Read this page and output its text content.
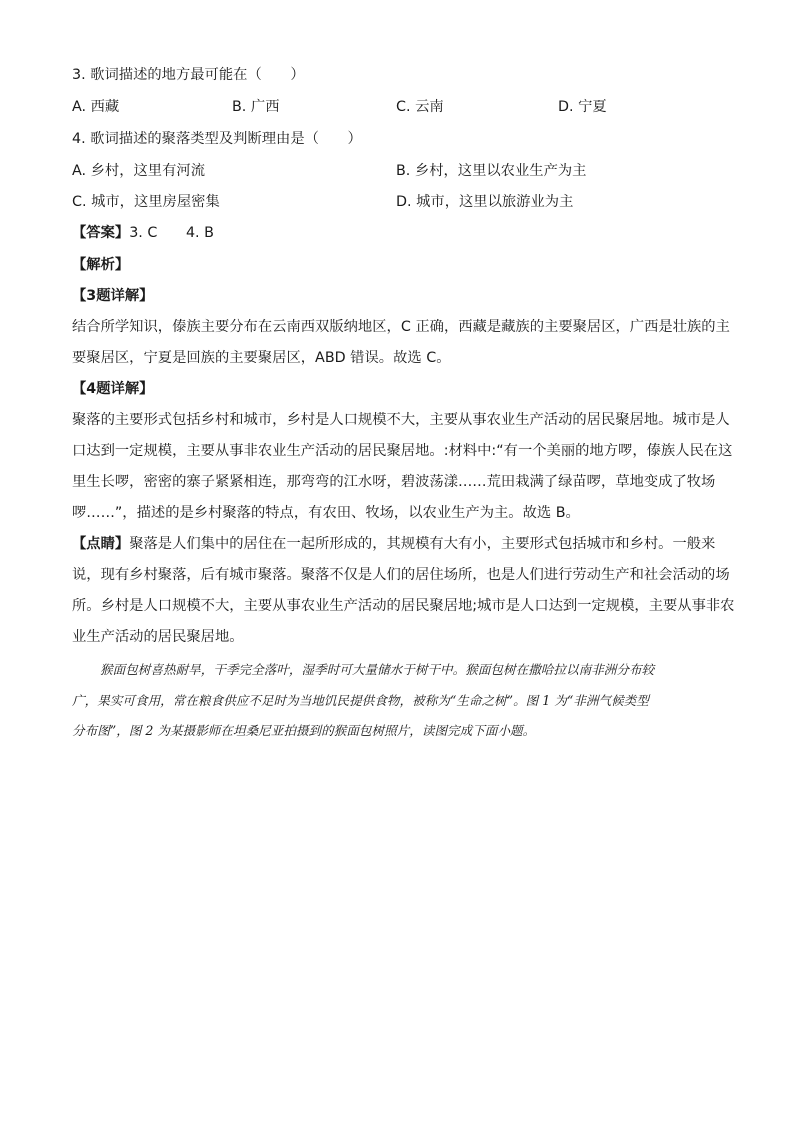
3. 歌词描述的地方最可能在（　　）
A. 西藏	B. 广西	C. 云南	D. 宁夏
4. 歌词描述的聚落类型及判断理由是（　　）
A. 乡村，这里有河流	B. 乡村，这里以农业生产为主
C. 城市，这里房屋密集	D. 城市，这里以旅游业为主
【答案】3. C　　4. B
【解析】
【3题详解】
结合所学知识，傣族主要分布在云南西双版纳地区，C 正确，西藏是藏族的主要聚居区，广西是壮族的主
要聚居区，宁夏是回族的主要聚居区，ABD 错误。故选 C。
【4题详解】
聚落的主要形式包括乡村和城市，乡村是人口规模不大，主要从事农业生产活动的居民聚居地。城市是人
口达到一定规模，主要从事非农业生产活动的居民聚居地。:材料中:“有一个美丽的地方啰，傣族人民在这
里生长啰，密密的寨子紧紧相连，那弯弯的江水呀，碧波荡漾……荒田栽满了绿苗啰，草地变成了牧场
啰……”，描述的是乡村聚落的特点，有农田、牧场，以农业生产为主。故选 B。
【点睛】聚落是人们集中的居住在一起所形成的，其规模有大有小，主要形式包括城市和乡村。一般来
说，现有乡村聚落，后有城市聚落。聚落不仅是人们的居住场所，也是人们进行劳动生产和社会活动的场
所。乡村是人口规模不大，主要从事农业生产活动的居民聚居地;城市是人口达到一定规模，主要从事非农
业生产活动的居民聚居地。
猴面包树喜热耐旱，干季完全落叶，湿季时可大量储水于树干中。猴面包树在撒哈拉以南非洲分布较
广，果实可食用，常在粮食供应不足时为当地饥民提供食物，被称为“生命之树”。图 1 为“非洲气候类型
分布图”，图 2 为某摄影师在坦桑尼亚拍摄到的猴面包树照片，读图完成下面小题。
